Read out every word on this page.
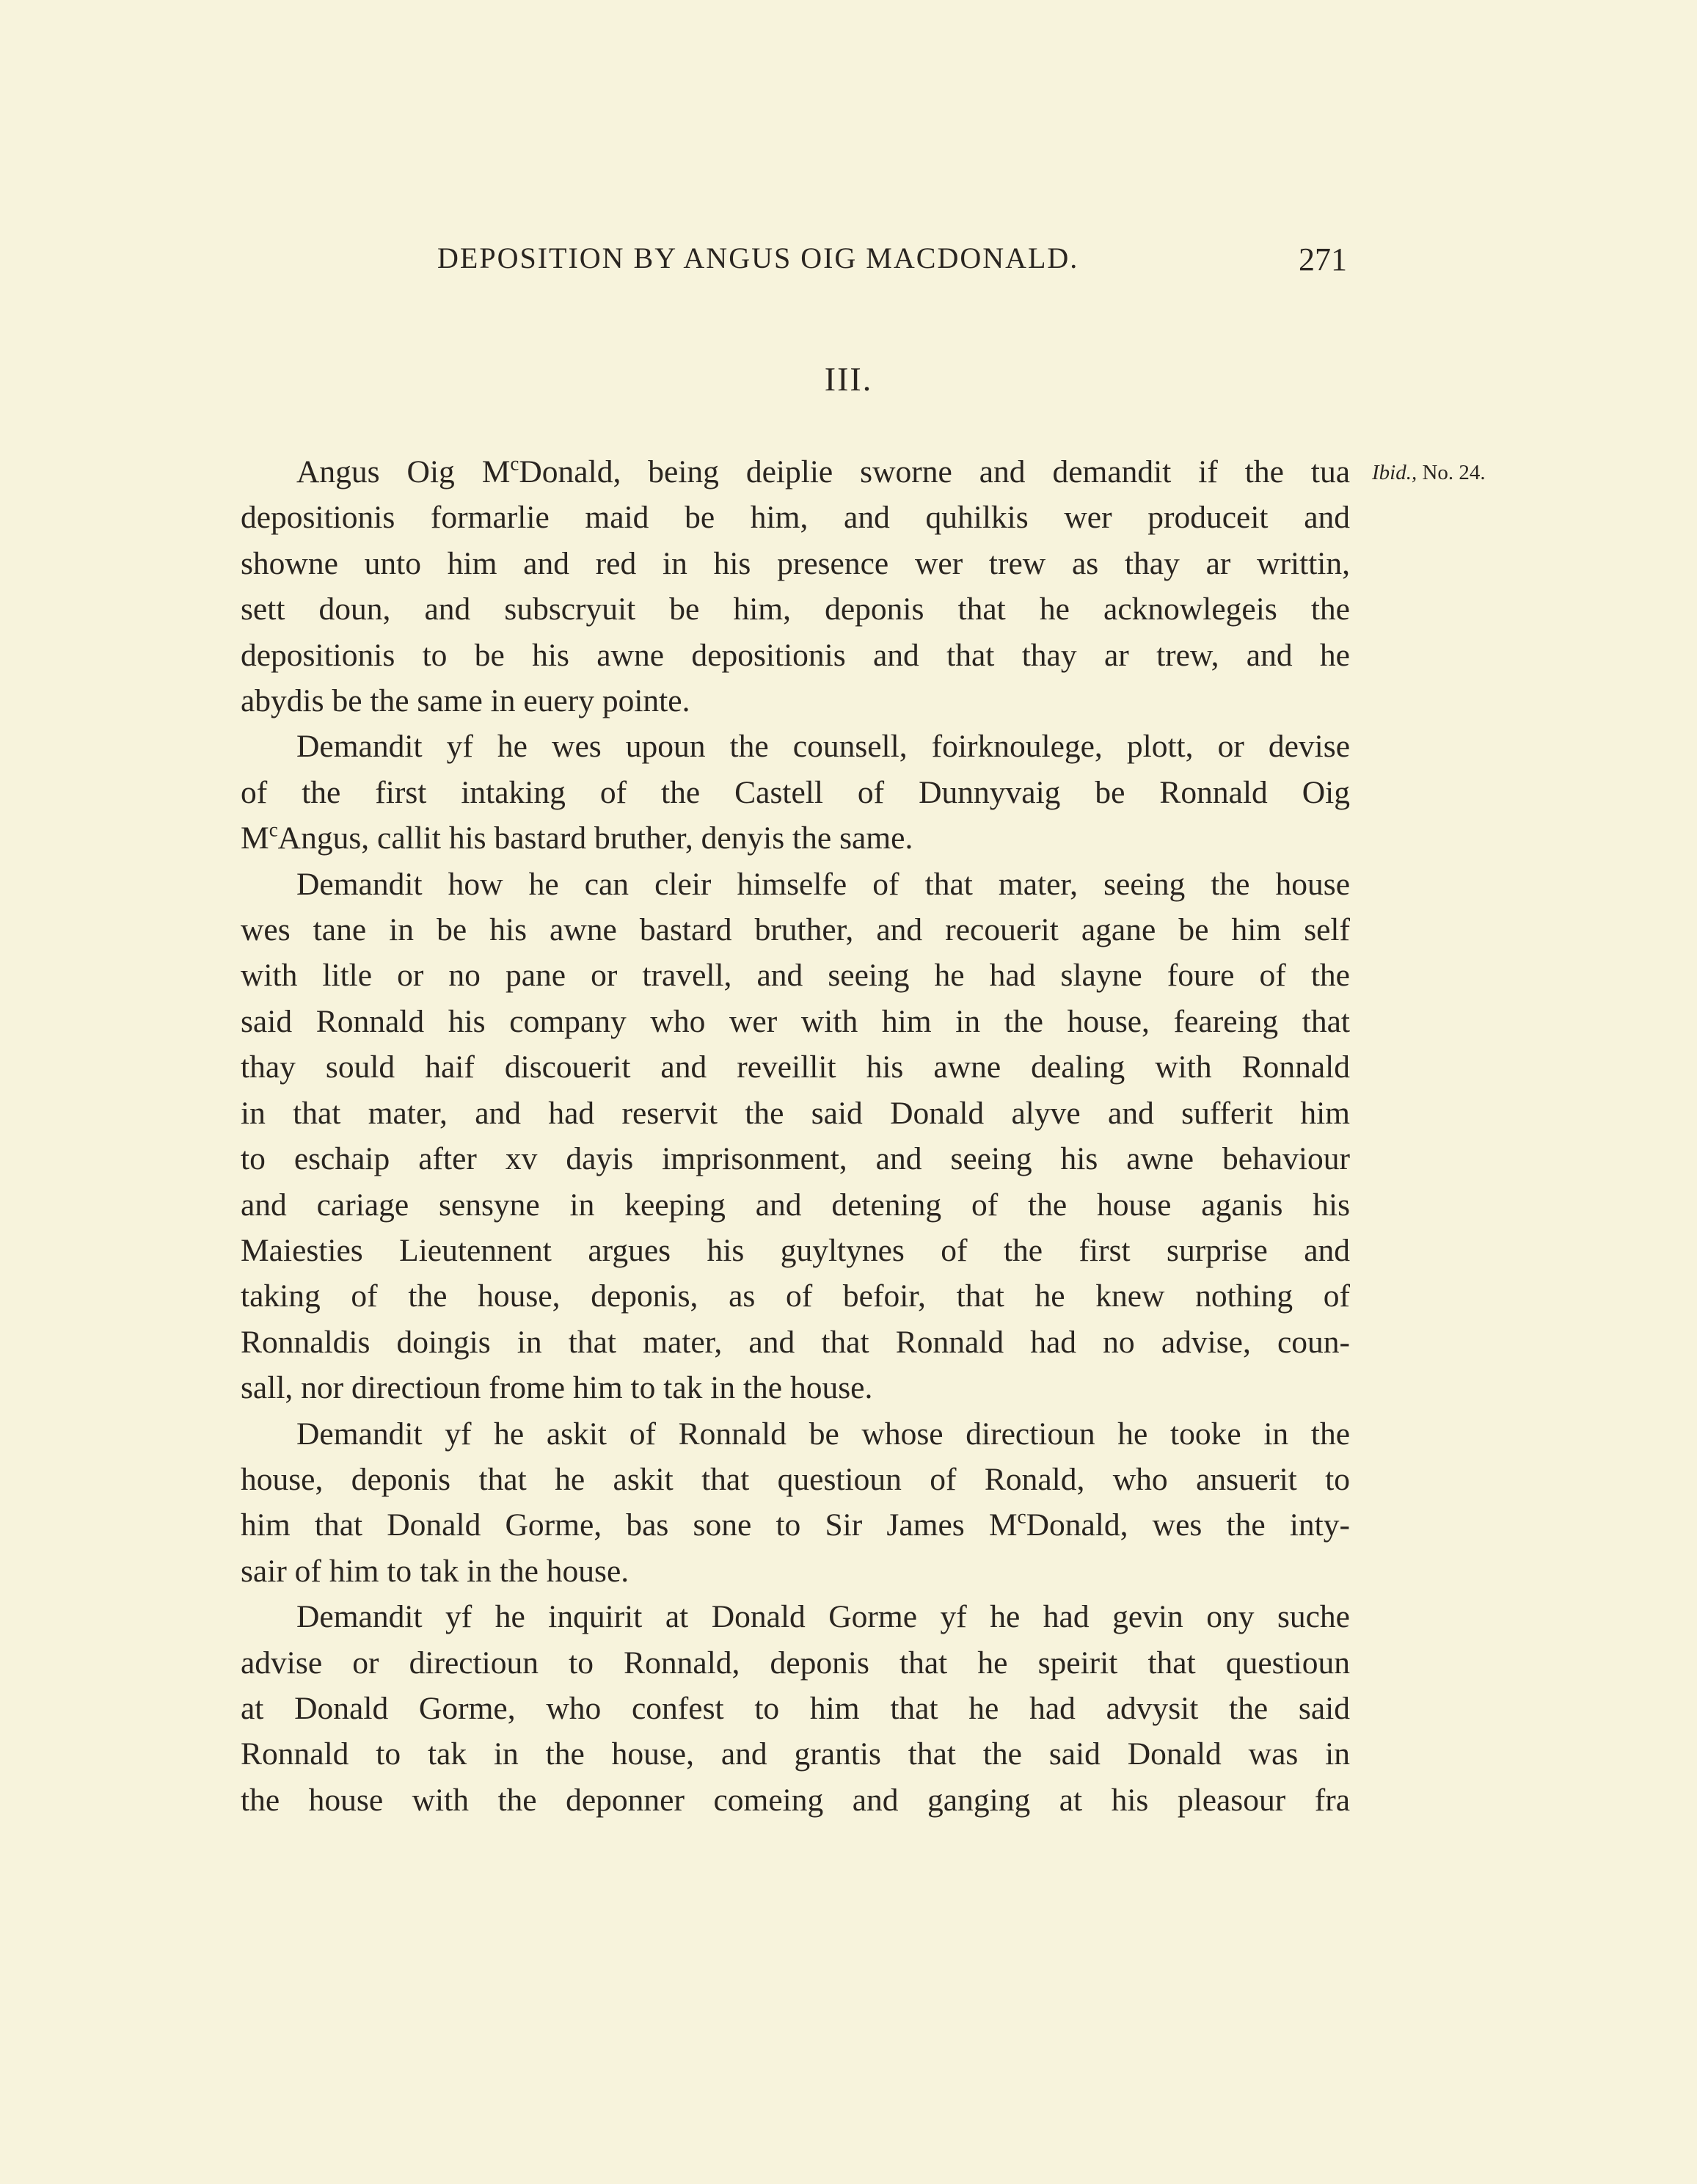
DEPOSITION BY ANGUS OIG MACDONALD.	271
III.
Ibid., No. 24.
Angus Oig $M^cDonald$, being deiplie sworne and demandit if the tua
depositionis formarlie maid be him, and quhilkis wer produceit and
showne unto him and red in his presence wer trew as thay ar writtin,
sett doun, and subscryuit be him, deponis that he acknowlegeis the
depositionis to be his awne depositionis and that thay ar trew, and he
abydis be the same in euery pointe.
Demandit yf he wes upoun the counsell, foirknoulege, plott, or devise
of the first intaking of the Castell of Dunnyvaig be Ronnald Oig
$M^cAngus$, callit his bastard bruther, denyis the same.
Demandit how he can cleir himselfe of that mater, seeing the house
wes tane in be his awne bastard bruther, and recouerit agane be him self
with litle or no pane or travell, and seeing he had slayne foure of the
said Ronnald his company who wer with him in the house, feareing that
thay sould haif discouerit and reveillit his awne dealing with Ronnald
in that mater, and had reservit the said Donald alyve and sufferit him
to eschaip after xv dayis imprisonment, and seeing his awne behaviour
and cariage sensyne in keeping and detening of the house aganis his
Maiesties Lieutennent argues his guyltynes of the first surprise and
taking of the house, deponis, as of befoir, that he knew nothing of
Ronnaldis doingis in that mater, and that Ronnald had no advise, coun-
sall, nor directioun frome him to tak in the house.
Demandit yf he askit of Ronnald be whose directioun he tooke in the
house, deponis that he askit that questioun of Ronald, who ansuerit to
him that Donald Gorme, bas sone to Sir James $M^cDonald$, wes the inty-
sair of him to tak in the house.
Demandit yf he inquirit at Donald Gorme yf he had gevin ony suche
advise or directioun to Ronnald, deponis that he speirit that questioun
at Donald Gorme, who confest to him that he had advysit the said
Ronnald to tak in the house, and grantis that the said Donald was in
the house with the deponner comeing and ganging at his pleasour fra
